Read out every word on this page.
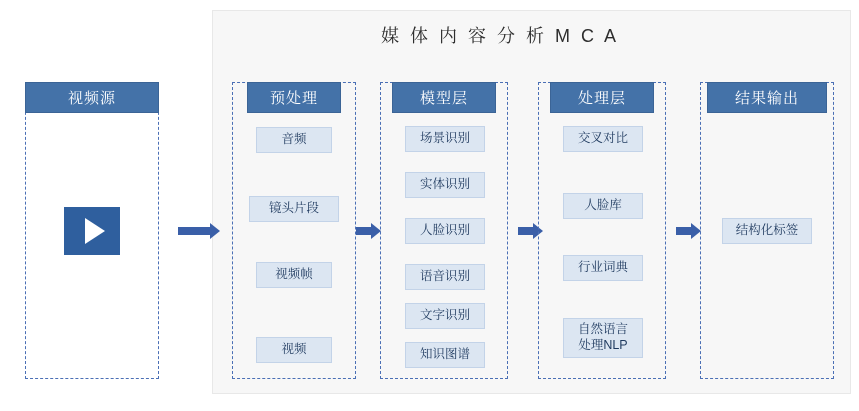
媒 体 内 容 分 析 M C A
视频源	预处理
音频
镜头片段
视频帧
视频
模型层
场景识别
实体识别
人脸识别
语音识别
文字识别
知识图谱
处理层
交叉对比
人脸库
行业词典
自然语言
处理NLP
结果输出
结构化标签
